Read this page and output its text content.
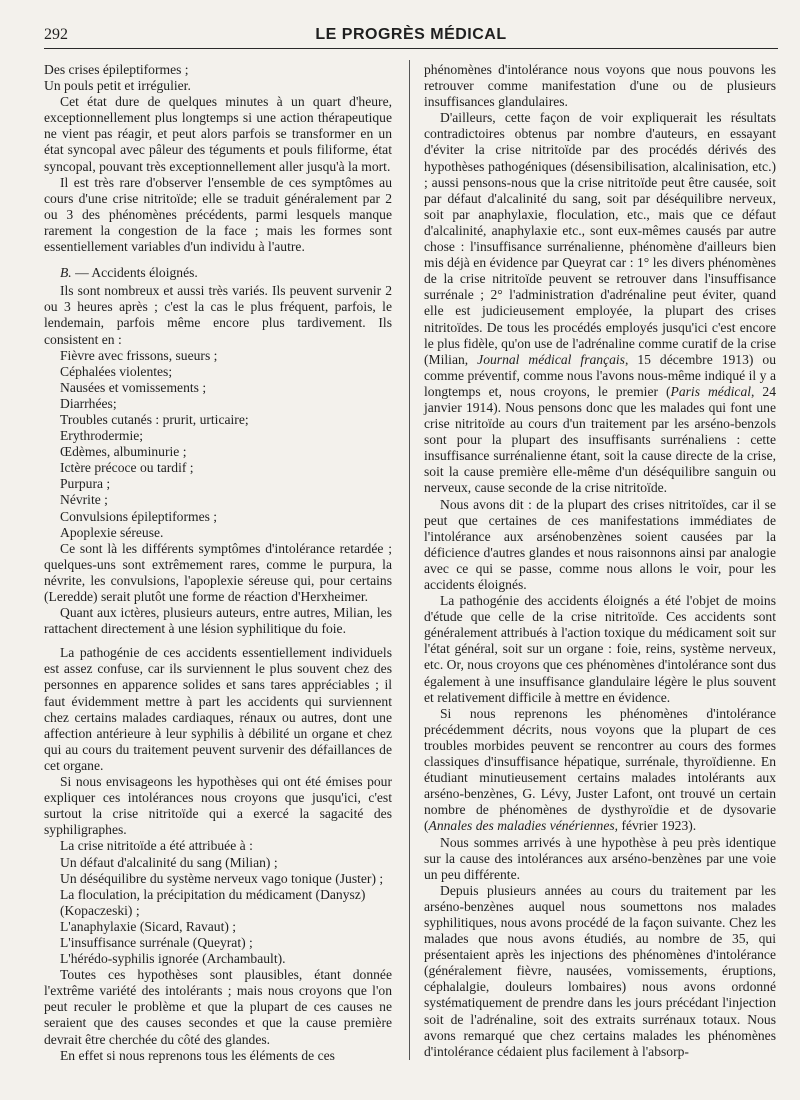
292	LE PROGRÈS MÉDICAL

Des crises épileptiformes ;

Un pouls petit et irrégulier.

Cet état dure de quelques minutes à un quart d'heure, exceptionnellement plus longtemps si une action thérapeutique ne vient pas réagir, et peut alors parfois se transformer en un état syncopal avec pâleur des téguments et pouls filiforme, état syncopal, pouvant très exceptionnellement aller jusqu'à la mort.

Il est très rare d'observer l'ensemble de ces symptômes au cours d'une crise nitritoïde; elle se traduit généralement par 2 ou 3 des phénomènes précédents, parmi lesquels manque rarement la congestion de la face ; mais les formes sont essentiellement variables d'un individu à l'autre.

B. — Accidents éloignés.

Ils sont nombreux et aussi très variés. Ils peuvent survenir 2 ou 3 heures après ; c'est la cas le plus fréquent, parfois, le lendemain, parfois même encore plus tardivement. Ils consistent en :

Fièvre avec frissons, sueurs ;

Céphalées violentes;

Nausées et vomissements ;

Diarrhées;

Troubles cutanés : prurit, urticaire;

Erythrodermie;

Œdèmes, albuminurie ;

Ictère précoce ou tardif ;

Purpura ;

Névrite ;

Convulsions épileptiformes ;

Apoplexie séreuse.

Ce sont là les différents symptômes d'intolérance retardée ; quelques-uns sont extrêmement rares, comme le purpura, la névrite, les convulsions, l'apoplexie séreuse qui, pour certains (Leredde) serait plutôt une forme de réaction d'Herxheimer.

Quant aux ictères, plusieurs auteurs, entre autres, Milian, les rattachent directement à une lésion syphilitique du foie.

La pathogénie de ces accidents essentiellement individuels est assez confuse, car ils surviennent le plus souvent chez des personnes en apparence solides et sans tares appréciables ; il faut évidemment mettre à part les accidents qui surviennent chez certains malades cardiaques, rénaux ou autres, dont une affection antérieure à leur syphilis à débilité un organe et chez qui au cours du traitement peuvent survenir des défaillances de cet organe.

Si nous envisageons les hypothèses qui ont été émises pour expliquer ces intolérances nous croyons que jusqu'ici, c'est surtout la crise nitritoïde qui a exercé la sagacité des syphiligraphes.

La crise nitritoïde a été attribuée à :

Un défaut d'alcalinité du sang (Milian) ;

Un déséquilibre du système nerveux vago tonique (Juster) ;

La floculation, la précipitation du médicament (Danysz) (Kopaczeski) ;

L'anaphylaxie (Sicard, Ravaut) ;

L'insuffisance surrénale (Queyrat) ;

L'hérédo-syphilis ignorée (Archambault).

Toutes ces hypothèses sont plausibles, étant donnée l'extrême variété des intolérants ; mais nous croyons que l'on peut reculer le problème et que la plupart de ces causes ne seraient que des causes secondes et que la cause première devrait être cherchée du côté des glandes.

En effet si nous reprenons tous les éléments de ces

phénomènes d'intolérance nous voyons que nous pouvons les retrouver comme manifestation d'une ou de plusieurs insuffisances glandulaires.

D'ailleurs, cette façon de voir expliquerait les résultats contradictoires obtenus par nombre d'auteurs, en essayant d'éviter la crise nitritoïde par des procédés dérivés des hypothèses pathogéniques (désensibilisation, alcalinisation, etc.) ; aussi pensons-nous que la crise nitritoïde peut être causée, soit par défaut d'alcalinité du sang, soit par déséquilibre nerveux, soit par anaphylaxie, floculation, etc., mais que ce défaut d'alcalinité, anaphylaxie etc., sont eux-mêmes causés par autre chose : l'insuffisance surrénalienne, phénomène d'ailleurs bien mis déjà en évidence par Queyrat car : 1° les divers phénomènes de la crise nitritoïde peuvent se retrouver dans l'insuffisance surrénale ; 2° l'administration d'adrénaline peut éviter, quand elle est judicieusement employée, la plupart des crises nitritoïdes. De tous les procédés employés jusqu'ici c'est encore le plus fidèle, qu'on use de l'adrénaline comme curatif de la crise (Milian, Journal médical français, 15 décembre 1913) ou comme préventif, comme nous l'avons nous-même indiqué il y a longtemps et, nous croyons, le premier (Paris médical, 24 janvier 1914). Nous pensons donc que les malades qui font une crise nitritoïde au cours d'un traitement par les arséno-benzols sont pour la plupart des insuffisants surrénaliens : cette insuffisance surrénalienne étant, soit la cause directe de la crise, soit la cause première elle-même d'un déséquilibre sanguin ou nerveux, cause seconde de la crise nitritoïde.

Nous avons dit : de la plupart des crises nitritoïdes, car il se peut que certaines de ces manifestations immédiates de l'intolérance aux arsénobenzènes soient causées par la déficience d'autres glandes et nous raisonnons ainsi par analogie avec ce qui se passe, comme nous allons le voir, pour les accidents éloignés.

La pathogénie des accidents éloignés a été l'objet de moins d'étude que celle de la crise nitritoïde. Ces accidents sont généralement attribués à l'action toxique du médicament soit sur l'état général, soit sur un organe : foie, reins, système nerveux, etc. Or, nous croyons que ces phénomènes d'intolérance sont dus également à une insuffisance glandulaire légère le plus souvent et relativement difficile à mettre en évidence.

Si nous reprenons les phénomènes d'intolérance précédemment décrits, nous voyons que la plupart de ces troubles morbides peuvent se rencontrer au cours des formes classiques d'insuffisance hépatique, surrénale, thyroïdienne. En étudiant minutieusement certains malades intolérants aux arséno-benzènes, G. Lévy, Juster Lafont, ont trouvé un certain nombre de phénomènes de dysthyroïdie et de dysovarie (Annales des maladies vénériennes, février 1923).

Nous sommes arrivés à une hypothèse à peu près identique sur la cause des intolérances aux arséno-benzènes par une voie un peu différente.

Depuis plusieurs années au cours du traitement par les arséno-benzènes auquel nous soumettons nos malades syphilitiques, nous avons procédé de la façon suivante. Chez les malades que nous avons étudiés, au nombre de 35, qui présentaient après les injections des phénomènes d'intolérance (généralement fièvre, nausées, vomissements, éruptions, céphalalgie, douleurs lombaires) nous avons ordonné systématiquement de prendre dans les jours précédant l'injection soit de l'adrénaline, soit des extraits surrénaux totaux. Nous avons remarqué que chez certains malades les phénomènes d'intolérance cédaient plus facilement à l'absorp-
